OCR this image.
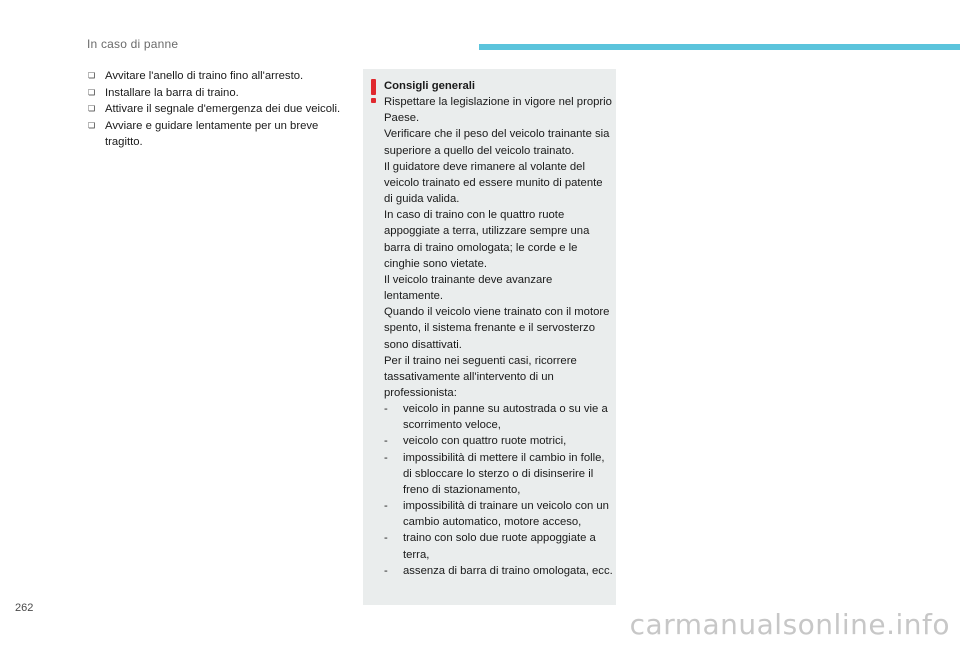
In caso di panne
❏ Avvitare l'anello di traino fino all'arresto.
❏ Installare la barra di traino.
❏ Attivare il segnale d'emergenza dei due veicoli.
❏ Avviare e guidare lentamente per un breve tragitto.

Consigli generali

Rispettare la legislazione in vigore nel proprio Paese.

Verificare che il peso del veicolo trainante sia superiore a quello del veicolo trainato.

Il guidatore deve rimanere al volante del veicolo trainato ed essere munito di patente di guida valida.

In caso di traino con le quattro ruote appoggiate a terra, utilizzare sempre una barra di traino omologata; le corde e le cinghie sono vietate.

Il veicolo trainante deve avanzare lentamente.

Quando il veicolo viene trainato con il motore spento, il sistema frenante e il servosterzo sono disattivati.

Per il traino nei seguenti casi, ricorrere tassativamente all'intervento di un professionista:

- veicolo in panne su autostrada o su vie a scorrimento veloce,
- veicolo con quattro ruote motrici,
- impossibilità di mettere il cambio in folle, di sbloccare lo sterzo o di disinserire il freno di stazionamento,
- impossibilità di trainare un veicolo con un cambio automatico, motore acceso,
- traino con solo due ruote appoggiate a terra,
- assenza di barra di traino omologata, ecc.
262	carmanualsonline.info
